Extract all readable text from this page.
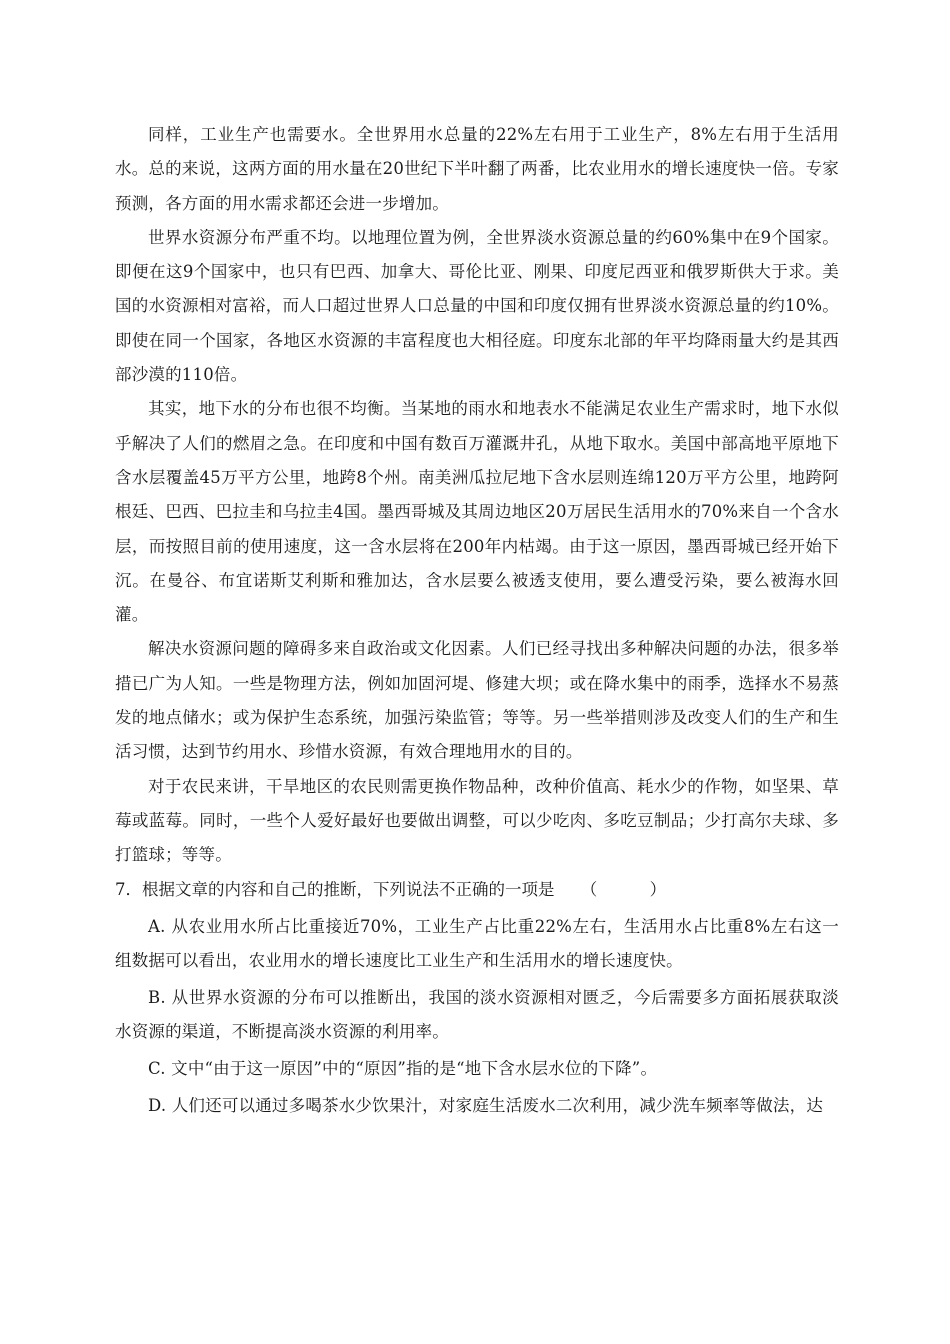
同样，工业生产也需要水。全世界用水总量的22%左右用于工业生产，8%左右用于生活用水。总的来说，这两方面的用水量在20世纪下半叶翻了两番，比农业用水的增长速度快一倍。专家预测，各方面的用水需求都还会进一步增加。

世界水资源分布严重不均。以地理位置为例，全世界淡水资源总量的约60%集中在9个国家。即便在这9个国家中，也只有巴西、加拿大、哥伦比亚、刚果、印度尼西亚和俄罗斯供大于求。美国的水资源相对富裕，而人口超过世界人口总量的中国和印度仅拥有世界淡水资源总量的约10%。即使在同一个国家，各地区水资源的丰富程度也大相径庭。印度东北部的年平均降雨量大约是其西部沙漠的110倍。

其实，地下水的分布也很不均衡。当某地的雨水和地表水不能满足农业生产需求时，地下水似乎解决了人们的燃眉之急。在印度和中国有数百万灌溉井孔，从地下取水。美国中部高地平原地下含水层覆盖45万平方公里，地跨8个州。南美洲瓜拉尼地下含水层则连绵120万平方公里，地跨阿根廷、巴西、巴拉圭和乌拉圭4国。墨西哥城及其周边地区20万居民生活用水的70%来自一个含水层，而按照目前的使用速度，这一含水层将在200年内枯竭。由于这一原因，墨西哥城已经开始下沉。在曼谷、布宜诺斯艾利斯和雅加达，含水层要么被透支使用，要么遭受污染，要么被海水回灌。

解决水资源问题的障碍多来自政治或文化因素。人们已经寻找出多种解决问题的办法，很多举措已广为人知。一些是物理方法，例如加固河堤、修建大坝；或在降水集中的雨季，选择水不易蒸发的地点储水；或为保护生态系统，加强污染监管；等等。另一些举措则涉及改变人们的生产和生活习惯，达到节约用水、珍惜水资源，有效合理地用水的目的。

对于农民来讲，干旱地区的农民则需更换作物品种，改种价值高、耗水少的作物，如坚果、草莓或蓝莓。同时，一些个人爱好最好也要做出调整，可以少吃肉、多吃豆制品；少打高尔夫球、多打篮球；等等。

7．根据文章的内容和自己的推断，下列说法不正确的一项是     （          ）

A. 从农业用水所占比重接近70%，工业生产占比重22%左右，生活用水占比重8%左右这一组数据可以看出，农业用水的增长速度比工业生产和生活用水的增长速度快。

B. 从世界水资源的分布可以推断出，我国的淡水资源相对匮乏，今后需要多方面拓展获取淡水资源的渠道，不断提高淡水资源的利用率。

C. 文中“由于这一原因”中的“原因”指的是“地下含水层水位的下降”。

D. 人们还可以通过多喝茶水少饮果汁，对家庭生活废水二次利用，减少洗车频率等做法，达
